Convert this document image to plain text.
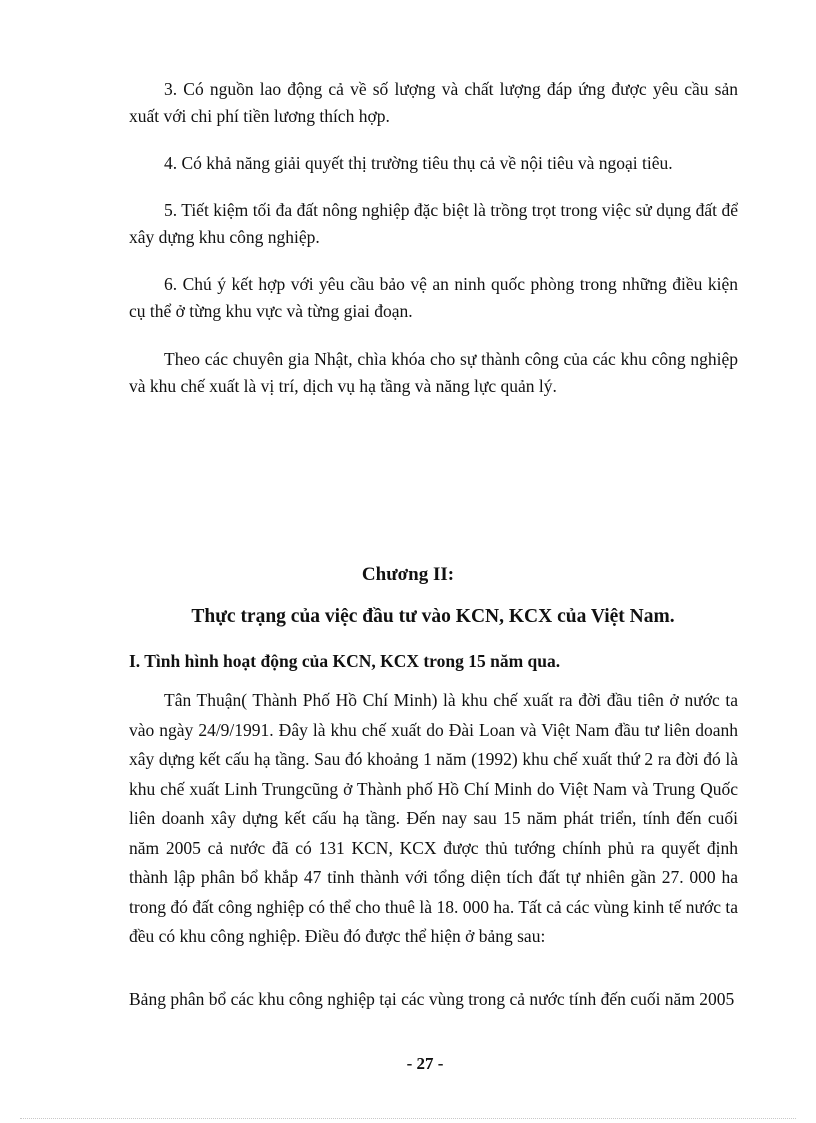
3. Có nguồn lao động cả về số lượng và chất lượng đáp ứng được yêu cầu sản xuất với chi phí tiền lương thích hợp.

4. Có khả năng giải quyết thị trường tiêu thụ cả về nội tiêu và ngoại tiêu.

5. Tiết kiệm tối đa đất nông nghiệp đặc biệt là trồng trọt trong việc sử dụng đất để xây dựng khu công nghiệp.

6. Chú ý kết hợp với yêu cầu bảo vệ an ninh quốc phòng trong những điều kiện cụ thể ở từng khu vực và từng giai đoạn.

Theo các chuyên gia Nhật, chìa khóa cho sự thành công của các khu công nghiệp và khu chế xuất là vị trí, dịch vụ hạ tầng và năng lực quản lý.

Chương II:
Thực trạng của việc đầu tư vào KCN, KCX của Việt Nam.
I. Tình hình hoạt động của KCN, KCX trong 15 năm qua.

Tân Thuận( Thành Phố Hồ Chí Minh) là khu chế xuất ra đời đầu tiên ở nước ta vào ngày 24/9/1991. Đây là khu chế xuất do Đài Loan và Việt Nam đầu tư liên doanh xây dựng kết cấu hạ tầng. Sau đó khoảng 1 năm (1992) khu chế xuất thứ 2 ra đời đó là khu chế xuất Linh Trungcũng ở Thành phố Hồ Chí Minh do Việt Nam và Trung Quốc liên doanh xây dựng kết cấu hạ tầng. Đến nay sau 15 năm phát triển, tính đến cuối năm 2005 cả nước đã có 131 KCN, KCX được thủ tướng chính phủ ra quyết định thành lập phân bổ khắp 47 tỉnh thành với tổng diện tích đất tự nhiên gần 27. 000 ha trong đó đất công nghiệp có thể cho thuê là 18. 000 ha. Tất cả các vùng kinh tế nước ta đều có khu công nghiệp. Điều đó được thể hiện ở bảng sau:

Bảng phân bổ các khu công nghiệp tại các vùng trong cả nước tính đến cuối năm 2005

- 27 -
